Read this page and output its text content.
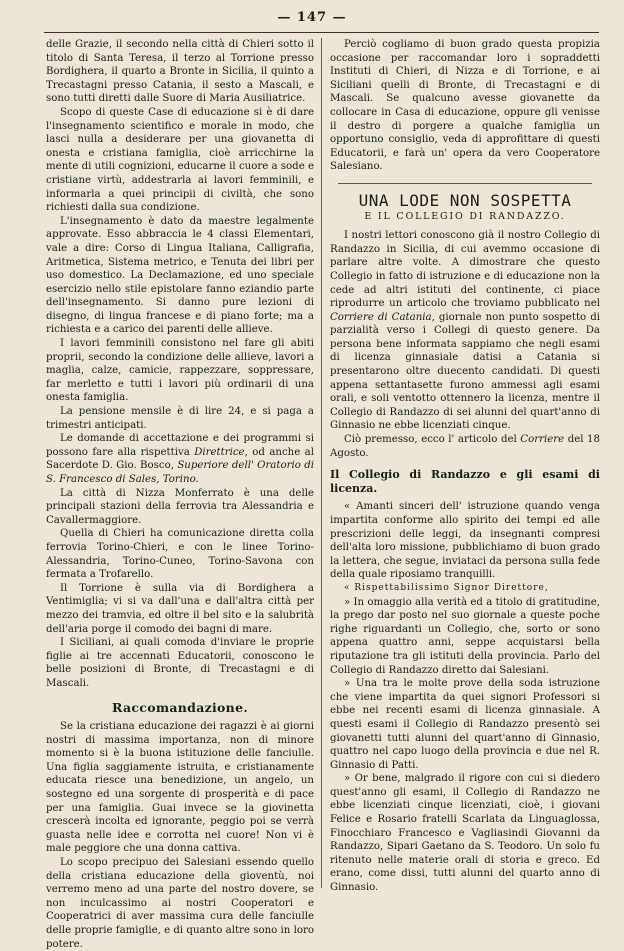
— 147 —

delle Grazie, il secondo nella città di Chieri sotto il titolo di Santa Teresa, il terzo al Torrione presso Bordighera, il quarto a Bronte in Sicilia, il quinto a Trecastagni presso Catania, il sesto a Mascali, e sono tutti diretti dalle Suore di Maria Ausiliatrice.

Scopo di queste Case di educazione si è di dare l'insegnamento scientifico e morale in modo, che lasci nulla a desiderare per una giovanetta di onesta e cristiana famiglia, cioè arricchirne la mente di utili cognizioni, educarne il cuore a sode e cristiane virtù, addestrarla ai lavori femminili, e informarla a quei principii di civiltà, che sono richiesti dalla sua condizione.

L'insegnamento è dato da maestre legalmente approvate. Esso abbraccia le 4 classi Elementari, vale a dire: Corso di Lingua Italiana, Calligrafia, Aritmetica, Sistema metrico, e Tenuta dei libri per uso domestico. La Declamazione, ed uno speciale esercizio nello stile epistolare fanno eziandio parte dell'insegnamento. Si danno pure lezioni di disegno, di lingua francese e di piano forte; ma a richiesta e a carico dei parenti delle allieve.

I lavori femminili consistono nel fare gli abiti proprii, secondo la condizione delle allieve, lavori a maglia, calze, camicie, rappezzare, soppressare, far merletto e tutti i lavori più ordinarii di una onesta famiglia.

La pensione mensile è di lire 24, e si paga a trimestri anticipati.

Le domande di accettazione e dei programmi si possono fare alla rispettiva Direttrice, od anche al Sacerdote D. Gio. Bosco, Superiore dell' Oratorio di S. Francesco di Sales, Torino.

La città di Nizza Monferrato è una delle principali stazioni della ferrovia tra Alessandria e Cavallermaggiore.

Quella di Chieri ha comunicazione diretta colla ferrovia Torino-Chieri, e con le linee Torino-Alessandria, Torino-Cuneo, Torino-Savona con fermata a Trofarello.

Il Torrione è sulla via di Bordighera a Ventimiglia; vi si va dall'una e dall'altra città per mezzo dei tramvia, ed oltre il bel sito e la salubrità dell'aria porge il comodo dei bagni di mare.

I Siciliani, ai quali comoda d'inviare le proprie figlie ai tre accennati Educatorii, conoscono le belle posizioni di Bronte, di Trecastagni e di Mascali.

Raccomandazione.

Se la cristiana educazione dei ragazzi è ai giorni nostri di massima importanza, non di minore momento si è la buona istituzione delle fanciulle. Una figlia saggiamente istruita, e cristianamente educata riesce una benedizione, un angelo, un sostegno ed una sorgente di prosperità e di pace per una famiglia. Guai invece se la giovinetta crescerà incolta ed ignorante, peggio poi se verrà guasta nelle idee e corrotta nel cuore! Non vi è male peggiore che una donna cattiva.

Lo scopo precipuo dei Salesiani essendo quello della cristiana educazione della gioventù, noi verremo meno ad una parte del nostro dovere, se non inculcassimo ai nostri Cooperatori e Cooperatrici di aver massima cura delle fanciulle delle proprie famiglie, e di quanto altre sono in loro potere.

Perciò cogliamo di buon grado questa propizia occasione per raccomandar loro i sopraddetti Instituti di Chieri, di Nizza e di Torrione, e ai Siciliani quelli di Bronte, di Trecastagni e di Mascali. Se qualcuno avesse giovanette da collocare in Casa di educazione, oppure gli venisse il destro di porgere a qualche famiglia un opportuno consiglio, veda di approfittare di questi Educatorii, e farà un' opera da vero Cooperatore Salesiano.

UNA LODE NON SOSPETTA
E IL COLLEGIO DI RANDAZZO.

I nostri lettori conoscono già il nostro Collegio di Randazzo in Sicilia, di cui avemmo occasione di parlare altre volte. A dimostrare che questo Collegio in fatto di istruzione e di educazione non la cede ad altri istituti del continente, ci piace riprodurre un articolo che troviamo pubblicato nel Corriere di Catania, giornale non punto sospetto di parzialità verso i Collegi di questo genere. Da persona bene informata sappiamo che negli esami di licenza ginnasiale datisi a Catania si presentarono oltre duecento candidati. Di questi appena settantasette furono ammessi agli esami orali, e soli ventotto ottennero la licenza, mentre il Collegio di Randazzo di sei alunni del quart'anno di Ginnasio ne ebbe licenziati cinque.

Ciò premesso, ecco l' articolo del Corriere del 18 Agosto.

Il Collegio di Randazzo e gli esami di licenza.

« Amanti sinceri dell' istruzione quando venga impartita conforme allo spirito dei tempi ed alle prescrizioni delle leggi, da insegnanti compresi dell'alta loro missione, pubblichiamo di buon grado la lettera, che segue, inviataci da persona sulla fede della quale riposiamo tranquilli.

« Rispettabilissimo Signor Direttore,

» In omaggio alla verità ed a titolo di gratitudine, la prego dar posto nel suo giornale a queste poche righe riguardanti un Collegio, che, sorto or sono appena quattro anni, seppe acquistarsi bella riputazione tra gli istituti della provincia. Parlo del Collegio di Randazzo diretto dai Salesiani.

» Una tra le molte prove della soda istruzione che viene impartita da quei signori Professori si ebbe nei recenti esami di licenza ginnasiale. A questi esami il Collegio di Randazzo presentò sei giovanetti tutti alunni del quart'anno di Ginnasio, quattro nel capo luogo della provincia e due nel R. Ginnasio di Patti.

» Or bene, malgrado il rigore con cui si diedero quest'anno gli esami, il Collegio di Randazzo ne ebbe licenziati cinque licenziati, cioè, i giovani Felice e Rosario fratelli Scarlata da Linguaglossa, Finocchiaro Francesco e Vagliasindi Giovanni da Randazzo, Sipari Gaetano da S. Teodoro. Un solo fu ritenuto nelle materie orali di storia e greco. Ed erano, come dissi, tutti alunni del quarto anno di Ginnasio.
